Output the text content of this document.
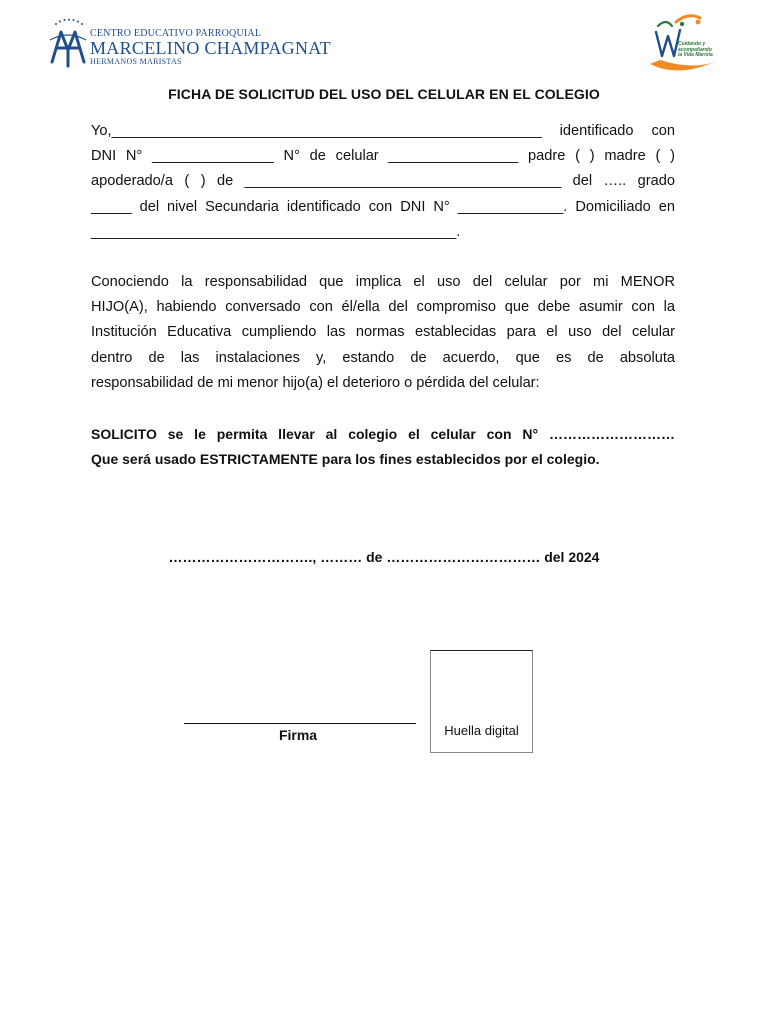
CENTRO EDUCATIVO PARROQUIAL
MARCELINO CHAMPAGNAT
HERMANOS MARISTAS
Cuidando y
acompañando
la Vida Marista
FICHA DE SOLICITUD DEL USO DEL CELULAR EN EL COLEGIO
Yo,_____________________________________________________ identificado con
DNI N° _______________ N° de celular ________________ padre ( ) madre ( )
apoderado/a ( ) de _______________________________________ del ….. grado
_____ del nivel Secundaria identificado con DNI N° _____________. Domiciliado en
_____________________________________________.
Conociendo la responsabilidad que implica el uso del celular por mi MENOR
HIJO(A), habiendo conversado con él/ella del compromiso que debe asumir con la
Institución Educativa cumpliendo las normas establecidas para el uso del celular
dentro de las instalaciones y, estando de acuerdo, que es de absoluta
responsabilidad de mi menor hijo(a) el deterioro o pérdida del celular:
SOLICITO se le permita llevar al colegio el celular con N° ………………………
Que será usado ESTRICTAMENTE para los fines establecidos por el colegio.
…………………………., ……… de …………………………… del 2024
Firma	Huella digital
